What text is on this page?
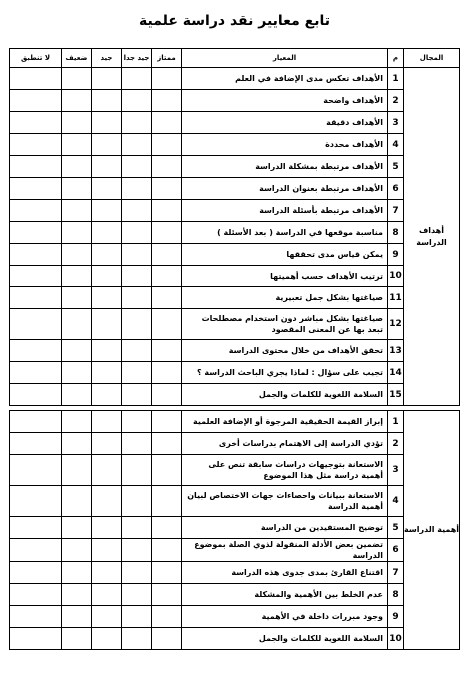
تابع معايير نقد دراسة علمية
المجال	م	المعيار	ممتاز	جيد جدا	جيد	ضعيف	لا تنطبق
أهداف الدراسة	1	الأهداف تعكس مدى الإضافة في العلم					
	2	الأهداف واضحة					
	3	الأهداف دقيقة					
	4	الأهداف محددة					
	5	الأهداف مرتبطة بمشكلة الدراسة					
	6	الأهداف مرتبطة بعنوان الدراسة					
	7	الأهداف مرتبطة بأسئلة الدراسة					
	8	مناسبة موقعها في الدراسة ( بعد الأسئلة )					
	9	يمكن قياس مدى تحققها					
	10	ترتيب الأهداف حسب أهميتها					
	11	صياغتها بشكل جمل تعبيرية					
	12	صياغتها بشكل مباشر دون استخدام مصطلحات تبعد بها عن المعنى المقصود					
	13	تحقق الأهداف من خلال محتوى الدراسة					
	14	تجيب على سؤال : لماذا يجري الباحث الدراسة ؟					
	15	السلامة اللغوية للكلمات والجمل					

أهمية الدراسة	1	إبراز القيمة الحقيقية المرجوة أو الإضافة العلمية					
	2	تؤدي الدراسة إلى الاهتمام بدراسات أخرى					
	3	الاستعانة بتوجيهات دراسات سابقة تنص على أهمية دراسة مثل هذا الموضوع					
	4	الاستعانة ببيانات واحصاءات جهات الاختصاص لبيان أهمية الدراسة					
	5	توضيح المستفيدين من الدراسة					
	6	تضمين بعض الأدلة المنقولة لذوي الصلة بموضوع الدراسة					
	7	اقتناع القارئ بمدى جدوى هذه الدراسة					
	8	عدم الخلط بين الأهمية والمشكلة					
	9	وجود مبررات داخلة في الأهمية					
	10	السلامة اللغوية للكلمات والجمل					
